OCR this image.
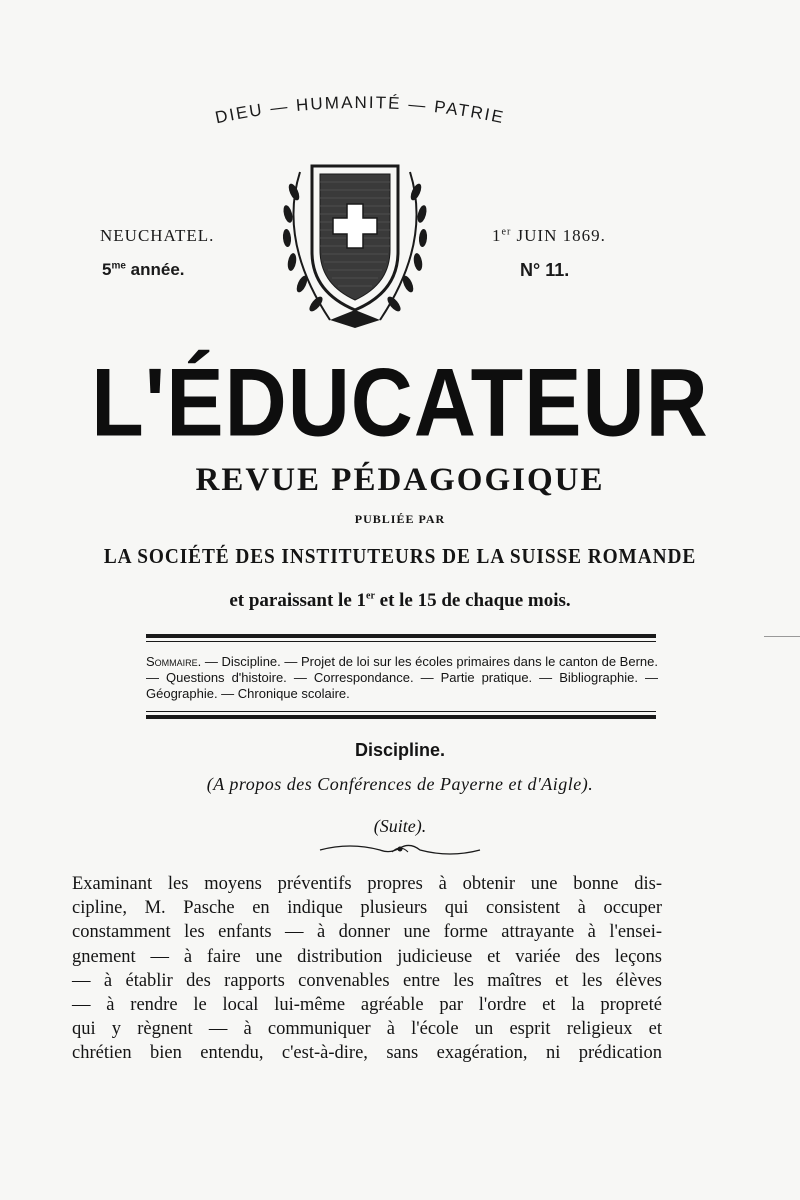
DIEU — HUMANITÉ — PATRIE
NEUCHATEL.
$5^{me}$ année.
1er JUIN 1869.
N° 11.
L'ÉDUCATEUR
REVUE PÉDAGOGIQUE
PUBLIÉE PAR
LA SOCIÉTÉ DES INSTITUTEURS DE LA SUISSE ROMANDE
et paraissant le 1er et le 15 de chaque mois.
Sommaire. — Discipline. — Projet de loi sur les écoles primaires dans le canton de Berne. — Questions d'histoire. — Correspondance. — Partie pratique. — Bibliographie. — Géographie. — Chronique scolaire.
Discipline.
(A propos des Conférences de Payerne et d'Aigle).
(Suite).
Examinant les moyens préventifs propres à obtenir une bonne dis-
cipline, M. Pasche en indique plusieurs qui consistent à occuper
constamment les enfants — à donner une forme attrayante à l'ensei-
gnement — à faire une distribution judicieuse et variée des leçons
— à établir des rapports convenables entre les maîtres et les élèves
— à rendre le local lui-même agréable par l'ordre et la propreté
qui y règnent — à communiquer à l'école un esprit religieux et
chrétien bien entendu, c'est-à-dire, sans exagération, ni prédication
